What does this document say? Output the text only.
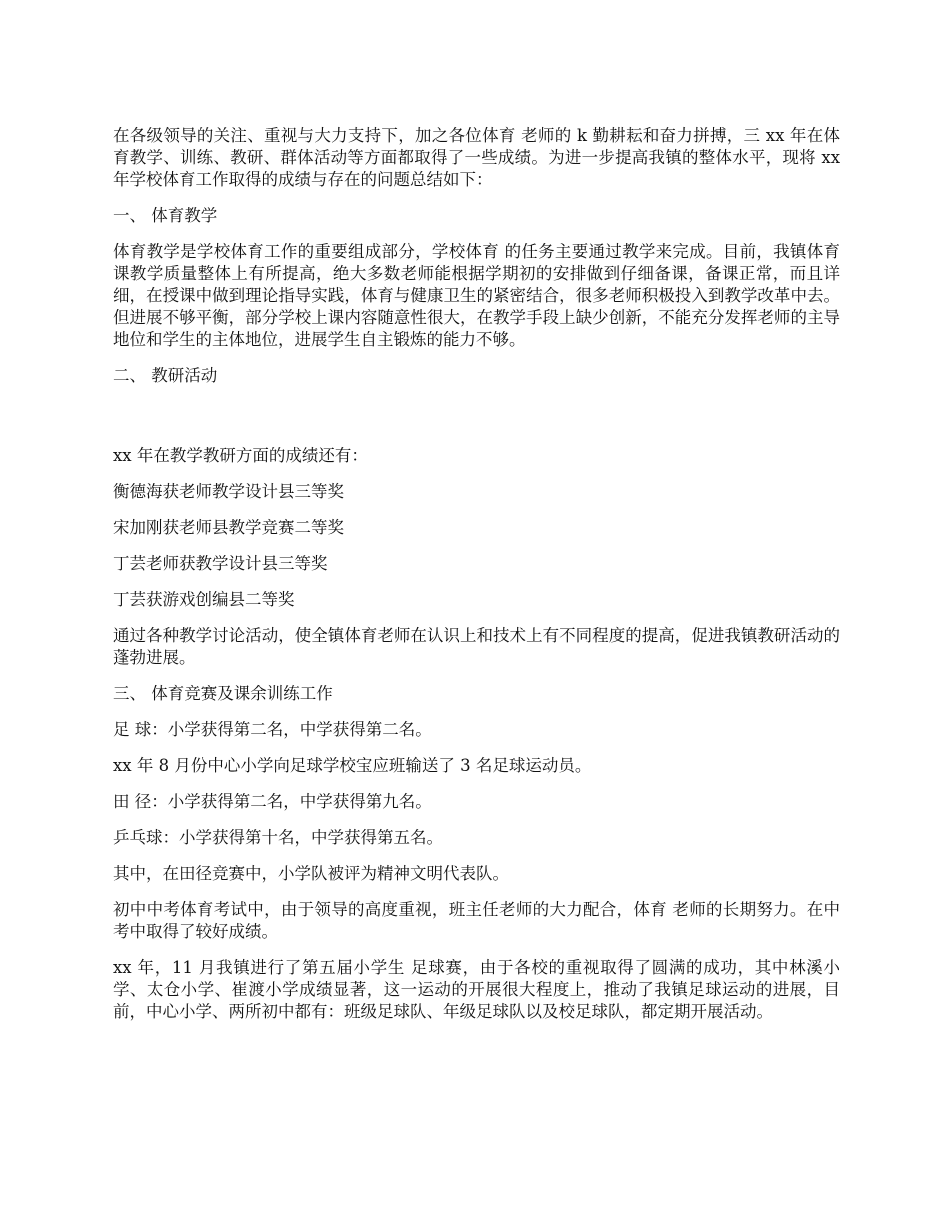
在各级领导的关注、重视与大力支持下，加之各位体育 老师的 k 勤耕耘和奋力拼搏，三 xx 年在体育教学、训练、教研、群体活动等方面都取得了一些成绩。为进一步提高我镇的整体水平，现将 xx 年学校体育工作取得的成绩与存在的问题总结如下：

一、 体育教学

体育教学是学校体育工作的重要组成部分，学校体育 的任务主要通过教学来完成。目前，我镇体育课教学质量整体上有所提高，绝大多数老师能根据学期初的安排做到仔细备课，备课正常，而且详细，在授课中做到理论指导实践，体育与健康卫生的紧密结合，很多老师积极投入到教学改革中去。但进展不够平衡，部分学校上课内容随意性很大，在教学手段上缺少创新，不能充分发挥老师的主导地位和学生的主体地位，进展学生自主锻炼的能力不够。

二、 教研活动

xx 年在教学教研方面的成绩还有：

衡德海获老师教学设计县三等奖

宋加刚获老师县教学竞赛二等奖

丁芸老师获教学设计县三等奖

丁芸获游戏创编县二等奖

通过各种教学讨论活动，使全镇体育老师在认识上和技术上有不同程度的提高，促进我镇教研活动的蓬勃进展。

三、 体育竞赛及课余训练工作

足 球：小学获得第二名，中学获得第二名。

xx 年 8 月份中心小学向足球学校宝应班输送了 3 名足球运动员。

田 径：小学获得第二名，中学获得第九名。

乒乓球：小学获得第十名，中学获得第五名。

其中，在田径竞赛中，小学队被评为精神文明代表队。

初中中考体育考试中，由于领导的高度重视，班主任老师的大力配合，体育 老师的长期努力。在中考中取得了较好成绩。

xx 年，11 月我镇进行了第五届小学生 足球赛，由于各校的重视取得了圆满的成功，其中林溪小学、太仓小学、崔渡小学成绩显著，这一运动的开展很大程度上，推动了我镇足球运动的进展，目前，中心小学、两所初中都有：班级足球队、年级足球队以及校足球队，都定期开展活动。
